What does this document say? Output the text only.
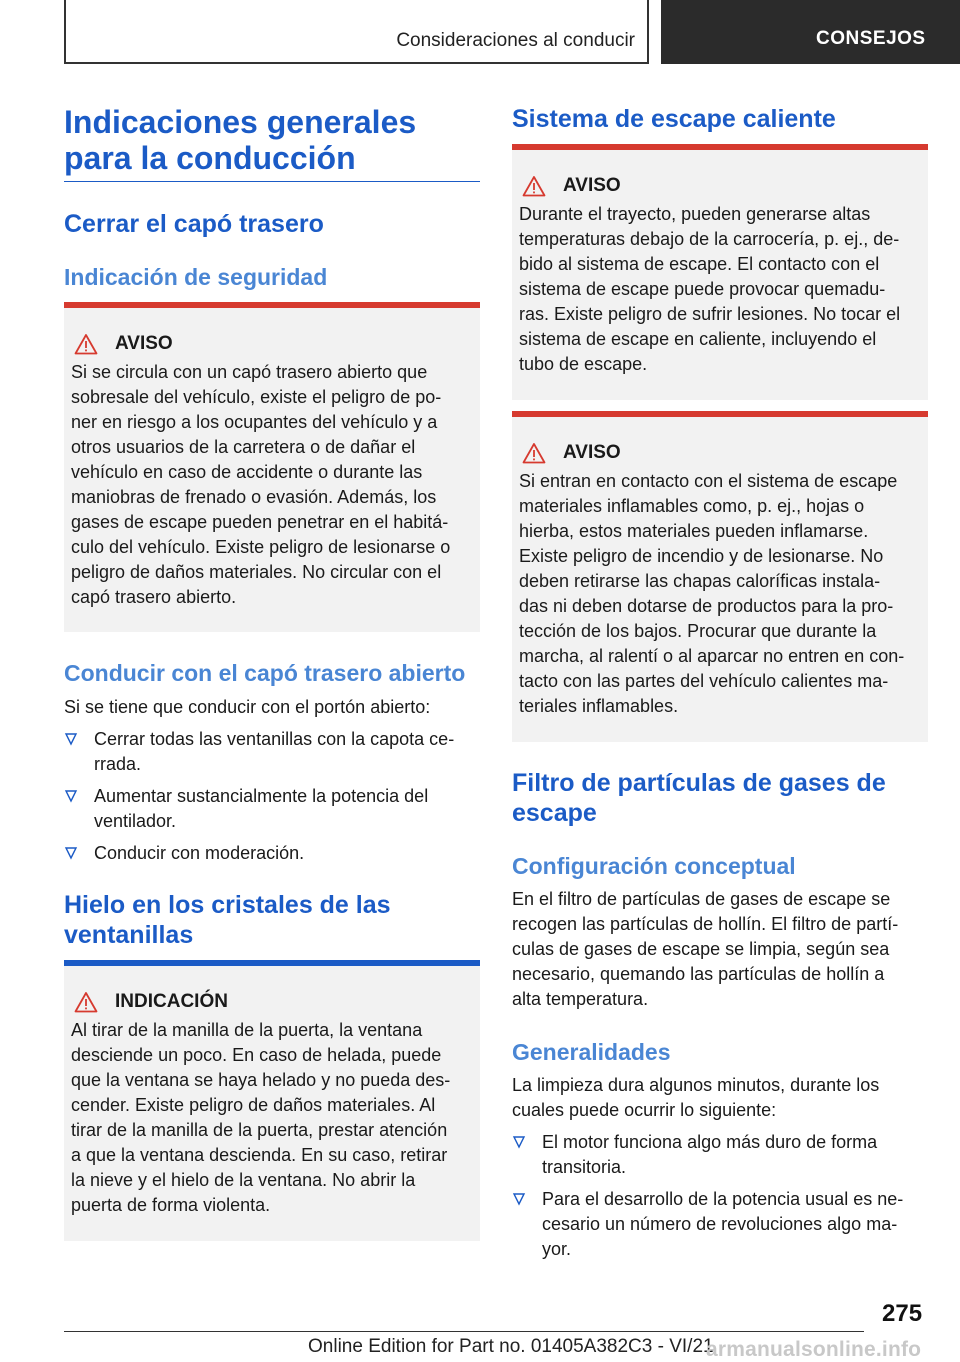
Consideraciones al conducir	CONSEJOS
Indicaciones generales
para la conducción
Cerrar el capó trasero
Indicación de seguridad
AVISO
Si se circula con un capó trasero abierto que
sobresale del vehículo, existe el peligro de po‐
ner en riesgo a los ocupantes del vehículo y a
otros usuarios de la carretera o de dañar el
vehículo en caso de accidente o durante las
maniobras de frenado o evasión. Además, los
gases de escape pueden penetrar en el habitá‐
culo del vehículo. Existe peligro de lesionarse o
peligro de daños materiales. No circular con el
capó trasero abierto.
Conducir con el capó trasero abierto
Si se tiene que conducir con el portón abierto:
Cerrar todas las ventanillas con la capota ce‐
rrada.
Aumentar sustancialmente la potencia del
ventilador.
Conducir con moderación.
Hielo en los cristales de las
ventanillas
INDICACIÓN
Al tirar de la manilla de la puerta, la ventana
desciende un poco. En caso de helada, puede
que la ventana se haya helado y no pueda des‐
cender. Existe peligro de daños materiales. Al
tirar de la manilla de la puerta, prestar atención
a que la ventana descienda. En su caso, retirar
la nieve y el hielo de la ventana. No abrir la
puerta de forma violenta.
Sistema de escape caliente
AVISO
Durante el trayecto, pueden generarse altas
temperaturas debajo de la carrocería, p. ej., de‐
bido al sistema de escape. El contacto con el
sistema de escape puede provocar quemadu‐
ras. Existe peligro de sufrir lesiones. No tocar el
sistema de escape en caliente, incluyendo el
tubo de escape.
AVISO
Si entran en contacto con el sistema de escape
materiales inflamables como, p. ej., hojas o
hierba, estos materiales pueden inflamarse.
Existe peligro de incendio y de lesionarse. No
deben retirarse las chapas caloríficas instala‐
das ni deben dotarse de productos para la pro‐
tección de los bajos. Procurar que durante la
marcha, al ralentí o al aparcar no entren en con‐
tacto con las partes del vehículo calientes ma‐
teriales inflamables.
Filtro de partículas de gases de
escape
Configuración conceptual
En el filtro de partículas de gases de escape se
recogen las partículas de hollín. El filtro de partí‐
culas de gases de escape se limpia, según sea
necesario, quemando las partículas de hollín a
alta temperatura.
Generalidades
La limpieza dura algunos minutos, durante los
cuales puede ocurrir lo siguiente:
El motor funciona algo más duro de forma
transitoria.
Para el desarrollo de la potencia usual es ne‐
cesario un número de revoluciones algo ma‐
yor.
275
Online Edition for Part no. 01405A382C3 - VI/21
armanualsonline.info
